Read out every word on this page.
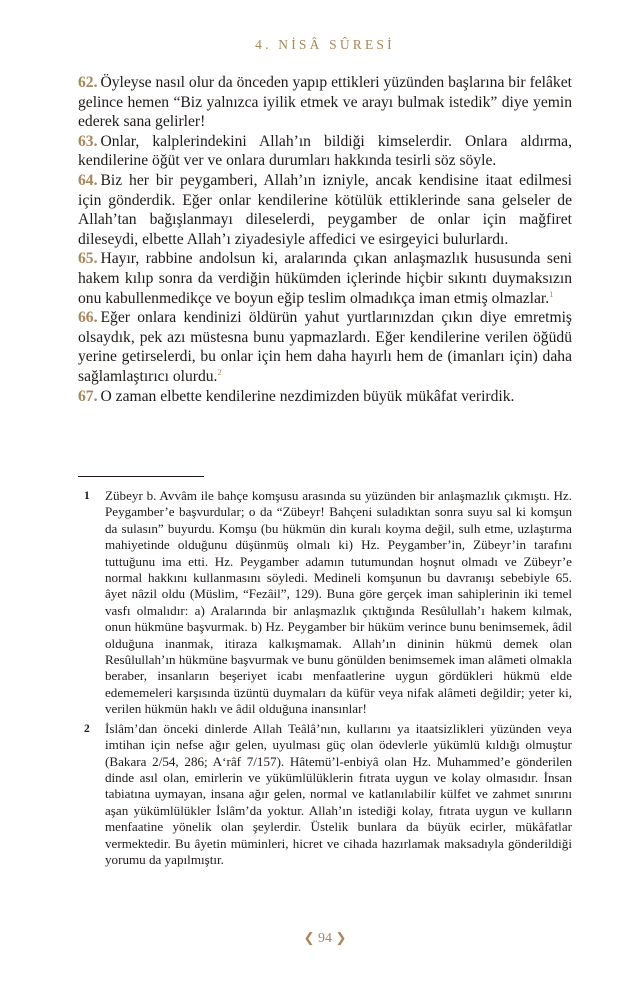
4. NİSÂ SÛRESİ

62. Öyleyse nasıl olur da önceden yapıp ettikleri yüzünden başlarına bir felâket gelince hemen “Biz yalnızca iyilik etmek ve arayı bulmak istedik” diye yemin ederek sana gelirler!

63. Onlar, kalplerindekini Allah’ın bildiği kimselerdir. Onlara aldırma, kendilerine öğüt ver ve onlara durumları hakkında tesirli söz söyle.

64. Biz her bir peygamberi, Allah’ın izniyle, ancak kendisine itaat edilmesi için gönderdik. Eğer onlar kendilerine kötülük ettiklerinde sana gelseler de Allah’tan bağışlanmayı dileselerdi, peygamber de onlar için mağfiret dileseydi, elbette Allah’ı ziyadesiyle affedici ve esirgeyici bulurlardı.

65. Hayır, rabbine andolsun ki, aralarında çıkan anlaşmazlık hususunda seni hakem kılıp sonra da verdiğin hükümden içlerinde hiçbir sıkıntı duymaksızın onu kabullenmedikçe ve boyun eğip teslim olmadıkça iman etmiş olmazlar.$^1$

66. Eğer onlara kendinizi öldürün yahut yurtlarınızdan çıkın diye emretmiş olsaydık, pek azı müstesna bunu yapmazlardı. Eğer kendilerine verilen öğüdü yerine getirselerdi, bu onlar için hem daha hayırlı hem de (imanları için) daha sağlamlaştırıcı olurdu.$^2$

67. O zaman elbette kendilerine nezdimizden büyük mükâfat verirdik.

1	Zübeyr b. Avvâm ile bahçe komşusu arasında su yüzünden bir anlaşmazlık çıkmıştı. Hz. Peygamber’e başvurdular; o da “Zübeyr! Bahçeni suladıktan sonra suyu sal ki komşun da sulasın” buyurdu. Komşu (bu hükmün din kuralı koyma değil, sulh etme, uzlaştırma mahiyetinde olduğunu düşünmüş olmalı ki) Hz. Peygamber’in, Zübeyr’in tarafını tuttuğunu ima etti. Hz. Peygamber adamın tutumundan hoşnut olmadı ve Zübeyr’e normal hakkını kullanmasını söyledi. Medineli komşunun bu davranışı sebebiyle 65. âyet nâzil oldu (Müslim, “Fezâil”, 129). Buna göre gerçek iman sahiplerinin iki temel vasfı olmalıdır: a) Aralarında bir anlaşmazlık çıktığında Resûlullah’ı hakem kılmak, onun hükmüne başvurmak. b) Hz. Peygamber bir hüküm verince bunu benimsemek, âdil olduğuna inanmak, itiraza kalkışmamak. Allah’ın dininin hükmü demek olan Resûlullah’ın hükmüne başvurmak ve bunu gönülden benimsemek iman alâmeti olmakla beraber, insanların beşeriyet icabı menfaatlerine uygun gördükleri hükmü elde edememeleri karşısında üzüntü duymaları da küfür veya nifak alâmeti değildir; yeter ki, verilen hükmün haklı ve âdil olduğuna inansınlar!
2	İslâm’dan önceki dinlerde Allah Teâlâ’nın, kullarını ya itaatsizlikleri yüzünden veya imtihan için nefse ağır gelen, uyulması güç olan ödevlerle yükümlü kıldığı olmuştur (Bakara 2/54, 286; A‘râf 7/157). Hâtemü’l-enbiyâ olan Hz. Muhammed’e gönderilen dinde asıl olan, emirlerin ve yükümlülüklerin fıtrata uygun ve kolay olmasıdır. İnsan tabiatına uymayan, insana ağır gelen, normal ve katlanılabilir külfet ve zahmet sınırını aşan yükümlülükler İslâm’da yoktur. Allah’ın istediği kolay, fıtrata uygun ve kulların menfaatine yönelik olan şeylerdir. Üstelik bunlara da büyük ecirler, mükâfatlar vermektedir. Bu âyetin müminleri, hicret ve cihada hazırlamak maksadıyla gönderildiği yorumu da yapılmıştır.
❮ 94 ❯
